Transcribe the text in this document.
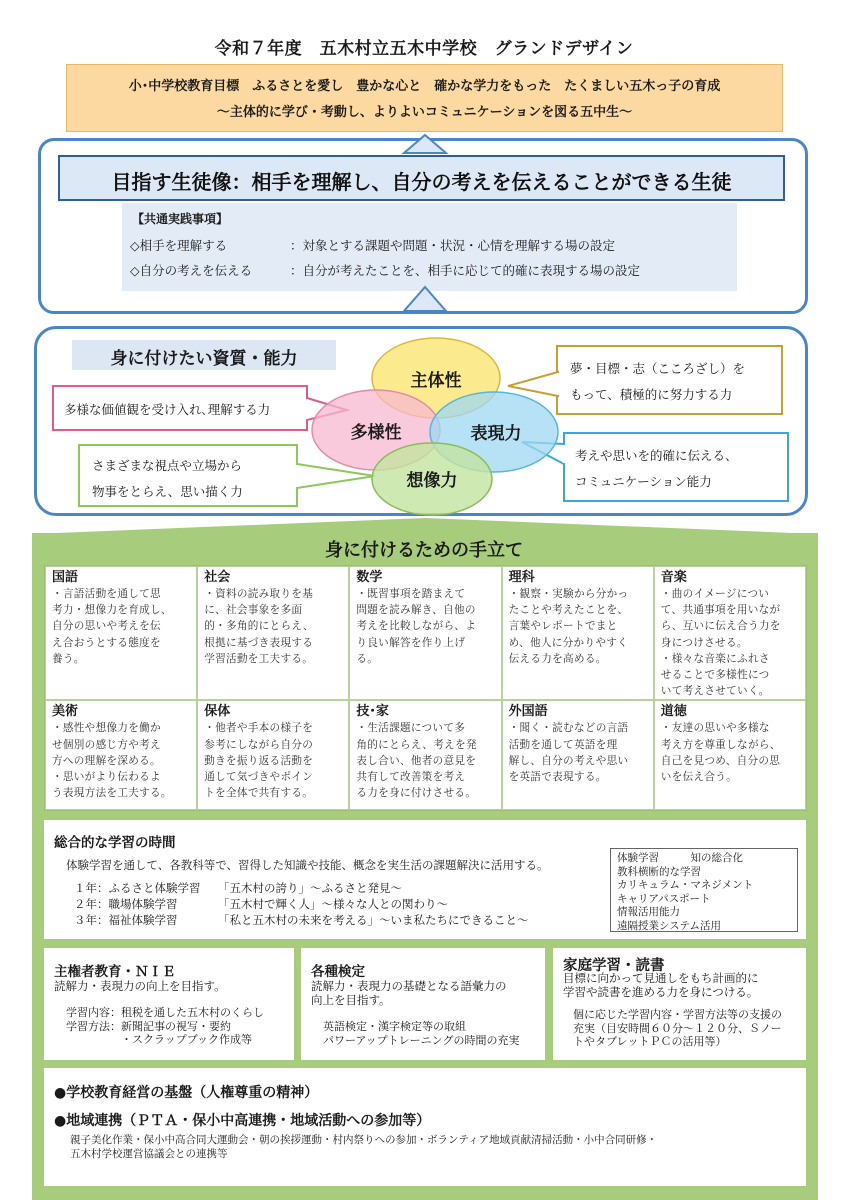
令和７年度　五木村立五木中学校　グランドデザイン
小･中学校教育目標　ふるさとを愛し　豊かな心と　確かな学力をもった　たくましい五木っ子の育成
～主体的に学び・考動し、よりよいコミュニケーションを図る五中生～
目指す生徒像：相手を理解し、自分の考えを伝えることができる生徒
【共通実践事項】
◇相手を理解する	：対象とする課題や問題・状況・心情を理解する場の設定
◇自分の考えを伝える	：自分が考えたことを、相手に応じて的確に表現する場の設定
身に付けたい資質・能力	夢・目標・志（こころざし）を
もって、積極的に努力する力
多様な価値観を受け入れ､理解する力
考えや思いを的確に伝える、
コミュニケーション能力
さまざまな視点や立場から
物事をとらえ、思い描く力
主体性
多様性	表現力
想像力
身に付けるための手立て
国語
・言語活動を通して思
考力・想像力を育成し、
自分の思いや考えを伝
え合おうとする態度を
養う。
社会
・資料の読み取りを基
に、社会事象を多面
的・多角的にとらえ、
根拠に基づき表現する
学習活動を工夫する。
数学
・既習事項を踏まえて
問題を読み解き、自他の
考えを比較しながら、よ
り良い解答を作り上げ
る。
理科
・観察・実験から分かっ
たことや考えたことを、
言葉やレポートでまと
め、他人に分かりやすく
伝える力を高める。
音楽
・曲のイメージについ
て、共通事項を用いなが
ら、互いに伝え合う力を
身につけさせる。
・様々な音楽にふれさ
せることで多様性につ
いて考えさせていく。
美術
・感性や想像力を働か
せ個別の感じ方や考え
方への理解を深める。
・思いがより伝わるよ
う表現方法を工夫する。
保体
・他者や手本の様子を
参考にしながら自分の
動きを振り返る活動を
通して気づきやポイン
トを全体で共有する。
技･家
・生活課題について多
角的にとらえ、考えを発
表し合い、他者の意見を
共有して改善策を考え
る力を身に付けさせる。
外国語
・聞く・読むなどの言語
活動を通して英語を理
解し、自分の考えや思い
を英語で表現する。
道徳
・友達の思いや多様な
考え方を尊重しながら、
自己を見つめ、自分の思
いを伝え合う。
総合的な学習の時間
体験学習を通して、各教科等で、習得した知識や技能、概念を実生活の課題解決に活用する。
１年：ふるさと体験学習 「五木村の誇り」～ふるさと発見～
２年：職場体験学習	「五木村で輝く人」～様々な人との関わり～
３年：福祉体験学習	「私と五木村の未来を考える」～いま私たちにできること～
体験学習　　　知の総合化
教科横断的な学習
カリキュラム・マネジメント
キャリアパスポート
情報活用能力
遠隔授業システム活用
主権者教育・ＮＩＥ
読解力・表現力の向上を目指す。
学習内容：租税を通した五木村のくらし
学習方法：新聞記事の視写・要約
　　　　　・スクラップブック作成等
各種検定
読解力・表現力の基礎となる語彙力の
向上を目指す。
英語検定・漢字検定等の取組
パワーアップトレーニングの時間の充実
家庭学習・読書
目標に向かって見通しをもち計画的に
学習や読書を進める力を身につける。
個に応じた学習内容・学習方法等の支援の
充実（目安時間６０分～１２０分、Ｓノー
トやタブレットＰＣの活用等）
●学校教育経営の基盤（人権尊重の精神）
●地域連携（ＰＴＡ・保小中高連携・地域活動への参加等）
親子美化作業・保小中高合同大運動会・朝の挨拶運動・村内祭りへの参加・ボランティア地域貢献清掃活動・小中合同研修・
五木村学校運営協議会との連携等
